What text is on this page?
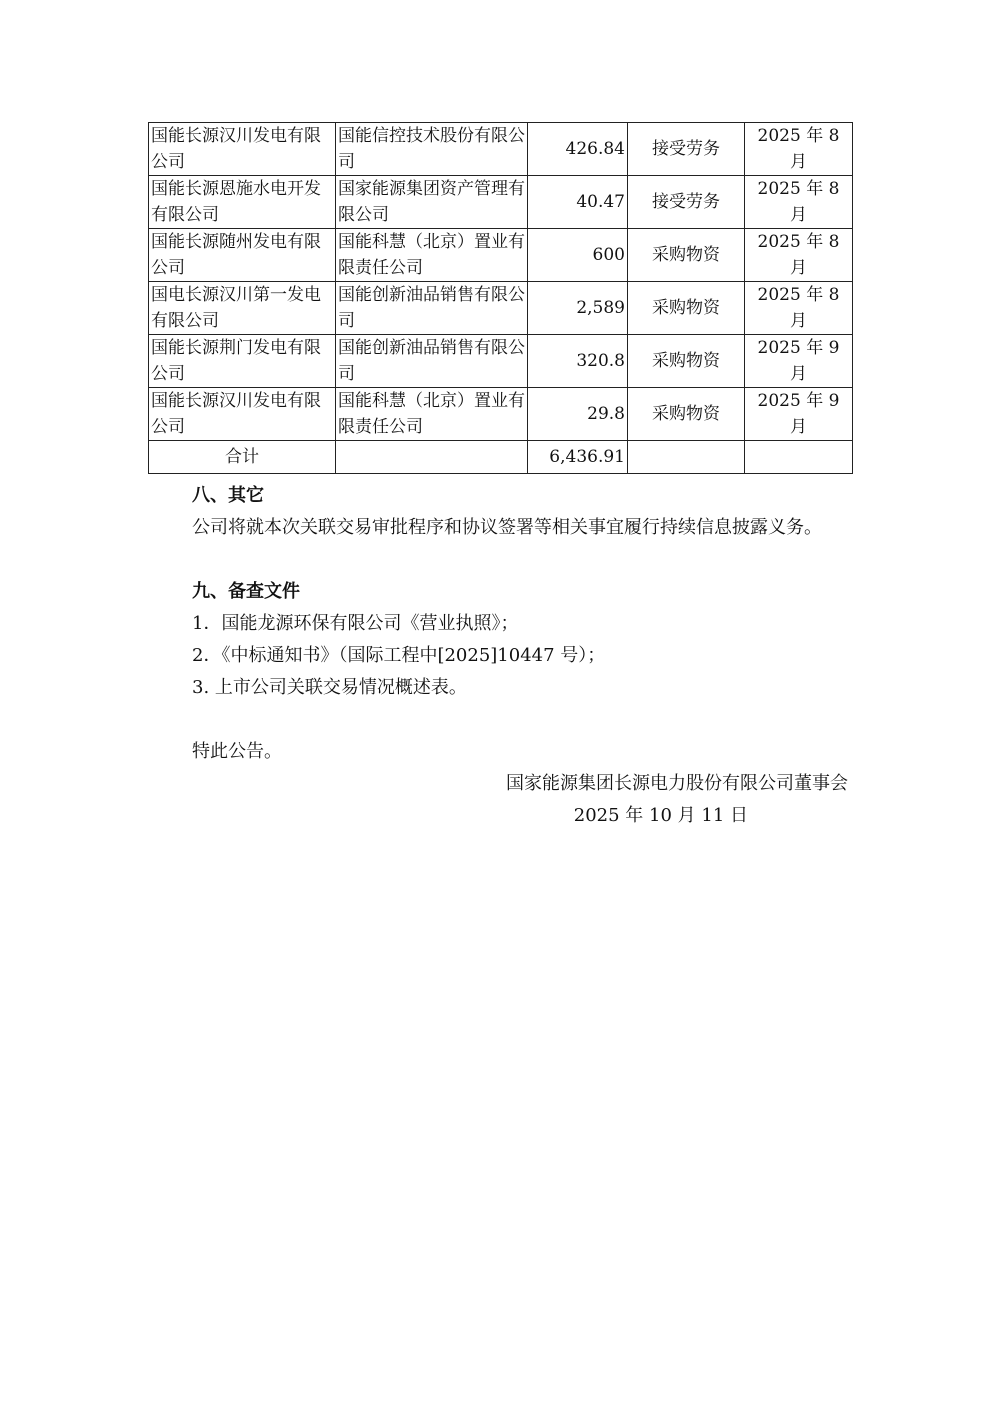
国能长源汉川发电有限公司	国能信控技术股份有限公司	426.84	接受劳务	2025 年 8 月
国能长源恩施水电开发有限公司	国家能源集团资产管理有限公司	40.47	接受劳务	2025 年 8 月
国能长源随州发电有限公司	国能科慧（北京）置业有限责任公司	600	采购物资	2025 年 8 月
国电长源汉川第一发电有限公司	国能创新油品销售有限公司	2,589	采购物资	2025 年 8 月
国能长源荆门发电有限公司	国能创新油品销售有限公司	320.8	采购物资	2025 年 9 月
国能长源汉川发电有限公司	国能科慧（北京）置业有限责任公司	29.8	采购物资	2025 年 9 月
合计		6,436.91		
八、其它
公司将就本次关联交易审批程序和协议签署等相关事宜履行持续信息披露义务。
九、备查文件
1．国能龙源环保有限公司《营业执照》；
2．《中标通知书》（国际工程中[2025]10447 号）；
3. 上市公司关联交易情况概述表。
特此公告。
国家能源集团长源电力股份有限公司董事会
2025 年 10 月 11 日
